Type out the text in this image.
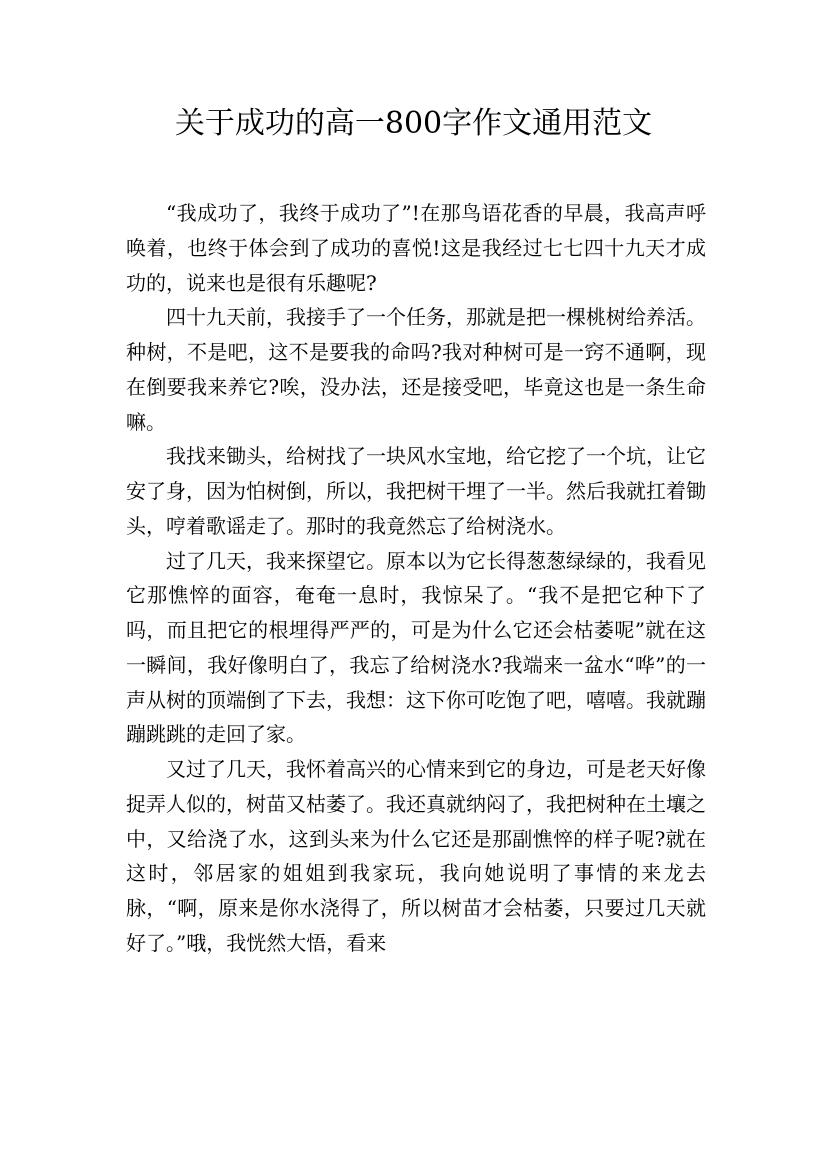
关于成功的高一800字作文通用范文

“我成功了，我终于成功了”!在那鸟语花香的早晨，我高声呼唤着，也终于体会到了成功的喜悦!这是我经过七七四十九天才成功的，说来也是很有乐趣呢?

四十九天前，我接手了一个任务，那就是把一棵桃树给养活。种树，不是吧，这不是要我的命吗?我对种树可是一窍不通啊，现在倒要我来养它?唉，没办法，还是接受吧，毕竟这也是一条生命嘛。

我找来锄头，给树找了一块风水宝地，给它挖了一个坑，让它安了身，因为怕树倒，所以，我把树干埋了一半。然后我就扛着锄头，哼着歌谣走了。那时的我竟然忘了给树浇水。

过了几天，我来探望它。原本以为它长得葱葱绿绿的，我看见它那憔悴的面容，奄奄一息时，我惊呆了。“我不是把它种下了吗，而且把它的根埋得严严的，可是为什么它还会枯萎呢”就在这一瞬间，我好像明白了，我忘了给树浇水?我端来一盆水“哗”的一声从树的顶端倒了下去，我想：这下你可吃饱了吧，嘻嘻。我就蹦蹦跳跳的走回了家。

又过了几天，我怀着高兴的心情来到它的身边，可是老天好像捉弄人似的，树苗又枯萎了。我还真就纳闷了，我把树种在土壤之中，又给浇了水，这到头来为什么它还是那副憔悴的样子呢?就在这时，邻居家的姐姐到我家玩，我向她说明了事情的来龙去脉，“啊，原来是你水浇得了，所以树苗才会枯萎，只要过几天就好了。”哦，我恍然大悟，看来
